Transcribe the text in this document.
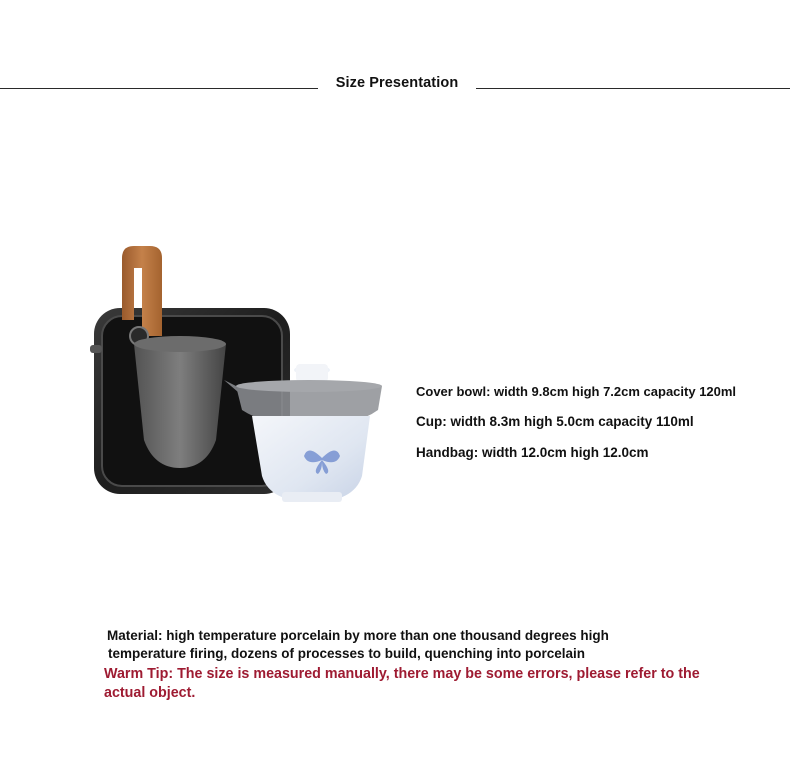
Size Presentation
Cover bowl: width 9.8cm high 7.2cm capacity 120ml
Cup: width 8.3m high 5.0cm capacity 110ml
Handbag: width 12.0cm high 12.0cm
Material: high temperature porcelain by more than one thousand degrees high
temperature firing, dozens of processes to build, quenching into porcelain
Warm Tip: The size is measured manually, there may be some errors, please refer to the actual object.
